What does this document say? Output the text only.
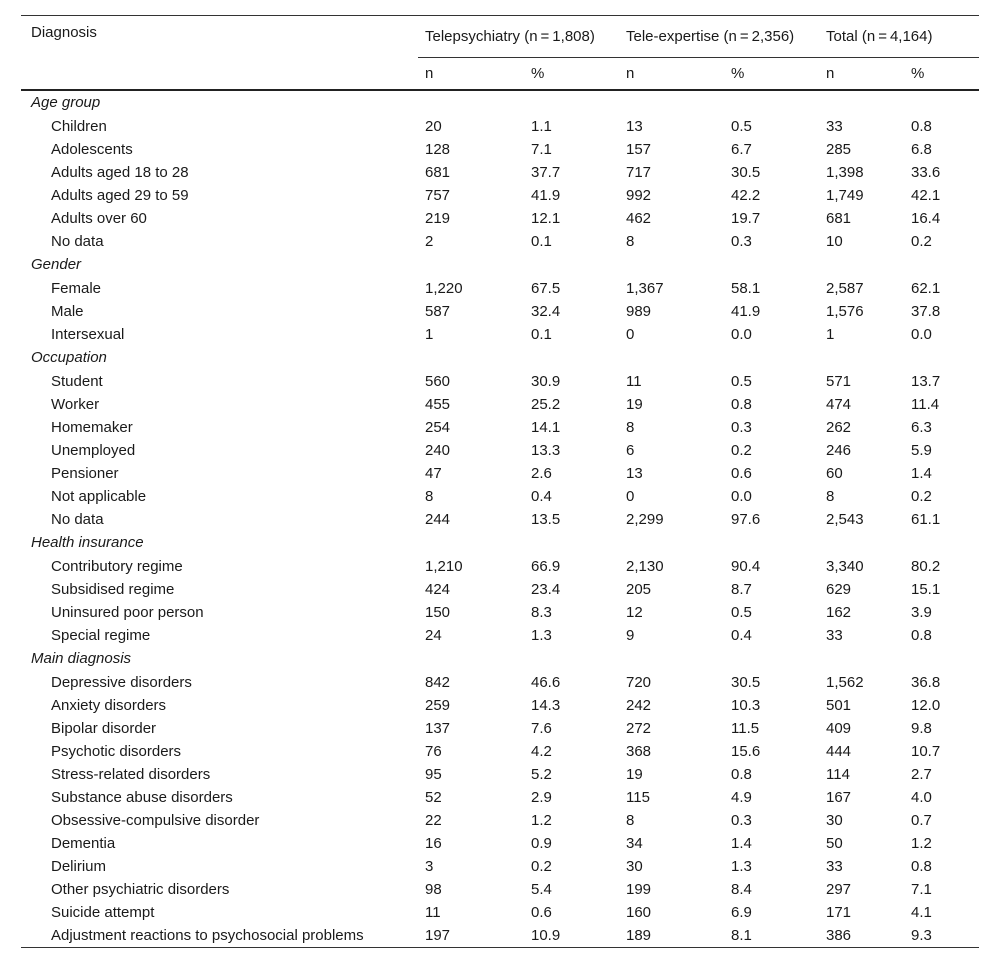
Diagnosis	Telepsychiatry (n = 1,808)		Tele-expertise (n = 2,356)		Total (n = 4,164)	
	n	%	n	%	n	%
Age group						
Children	20	1.1	13	0.5	33	0.8
Adolescents	128	7.1	157	6.7	285	6.8
Adults aged 18 to 28	681	37.7	717	30.5	1,398	33.6
Adults aged 29 to 59	757	41.9	992	42.2	1,749	42.1
Adults over 60	219	12.1	462	19.7	681	16.4
No data	2	0.1	8	0.3	10	0.2
Gender						
Female	1,220	67.5	1,367	58.1	2,587	62.1
Male	587	32.4	989	41.9	1,576	37.8
Intersexual	1	0.1	0	0.0	1	0.0
Occupation						
Student	560	30.9	11	0.5	571	13.7
Worker	455	25.2	19	0.8	474	11.4
Homemaker	254	14.1	8	0.3	262	6.3
Unemployed	240	13.3	6	0.2	246	5.9
Pensioner	47	2.6	13	0.6	60	1.4
Not applicable	8	0.4	0	0.0	8	0.2
No data	244	13.5	2,299	97.6	2,543	61.1
Health insurance						
Contributory regime	1,210	66.9	2,130	90.4	3,340	80.2
Subsidised regime	424	23.4	205	8.7	629	15.1
Uninsured poor person	150	8.3	12	0.5	162	3.9
Special regime	24	1.3	9	0.4	33	0.8
Main diagnosis						
Depressive disorders	842	46.6	720	30.5	1,562	36.8
Anxiety disorders	259	14.3	242	10.3	501	12.0
Bipolar disorder	137	7.6	272	11.5	409	9.8
Psychotic disorders	76	4.2	368	15.6	444	10.7
Stress-related disorders	95	5.2	19	0.8	114	2.7
Substance abuse disorders	52	2.9	115	4.9	167	4.0
Obsessive-compulsive disorder	22	1.2	8	0.3	30	0.7
Dementia	16	0.9	34	1.4	50	1.2
Delirium	3	0.2	30	1.3	33	0.8
Other psychiatric disorders	98	5.4	199	8.4	297	7.1
Suicide attempt	11	0.6	160	6.9	171	4.1
Adjustment reactions to psychosocial problems	197	10.9	189	8.1	386	9.3
